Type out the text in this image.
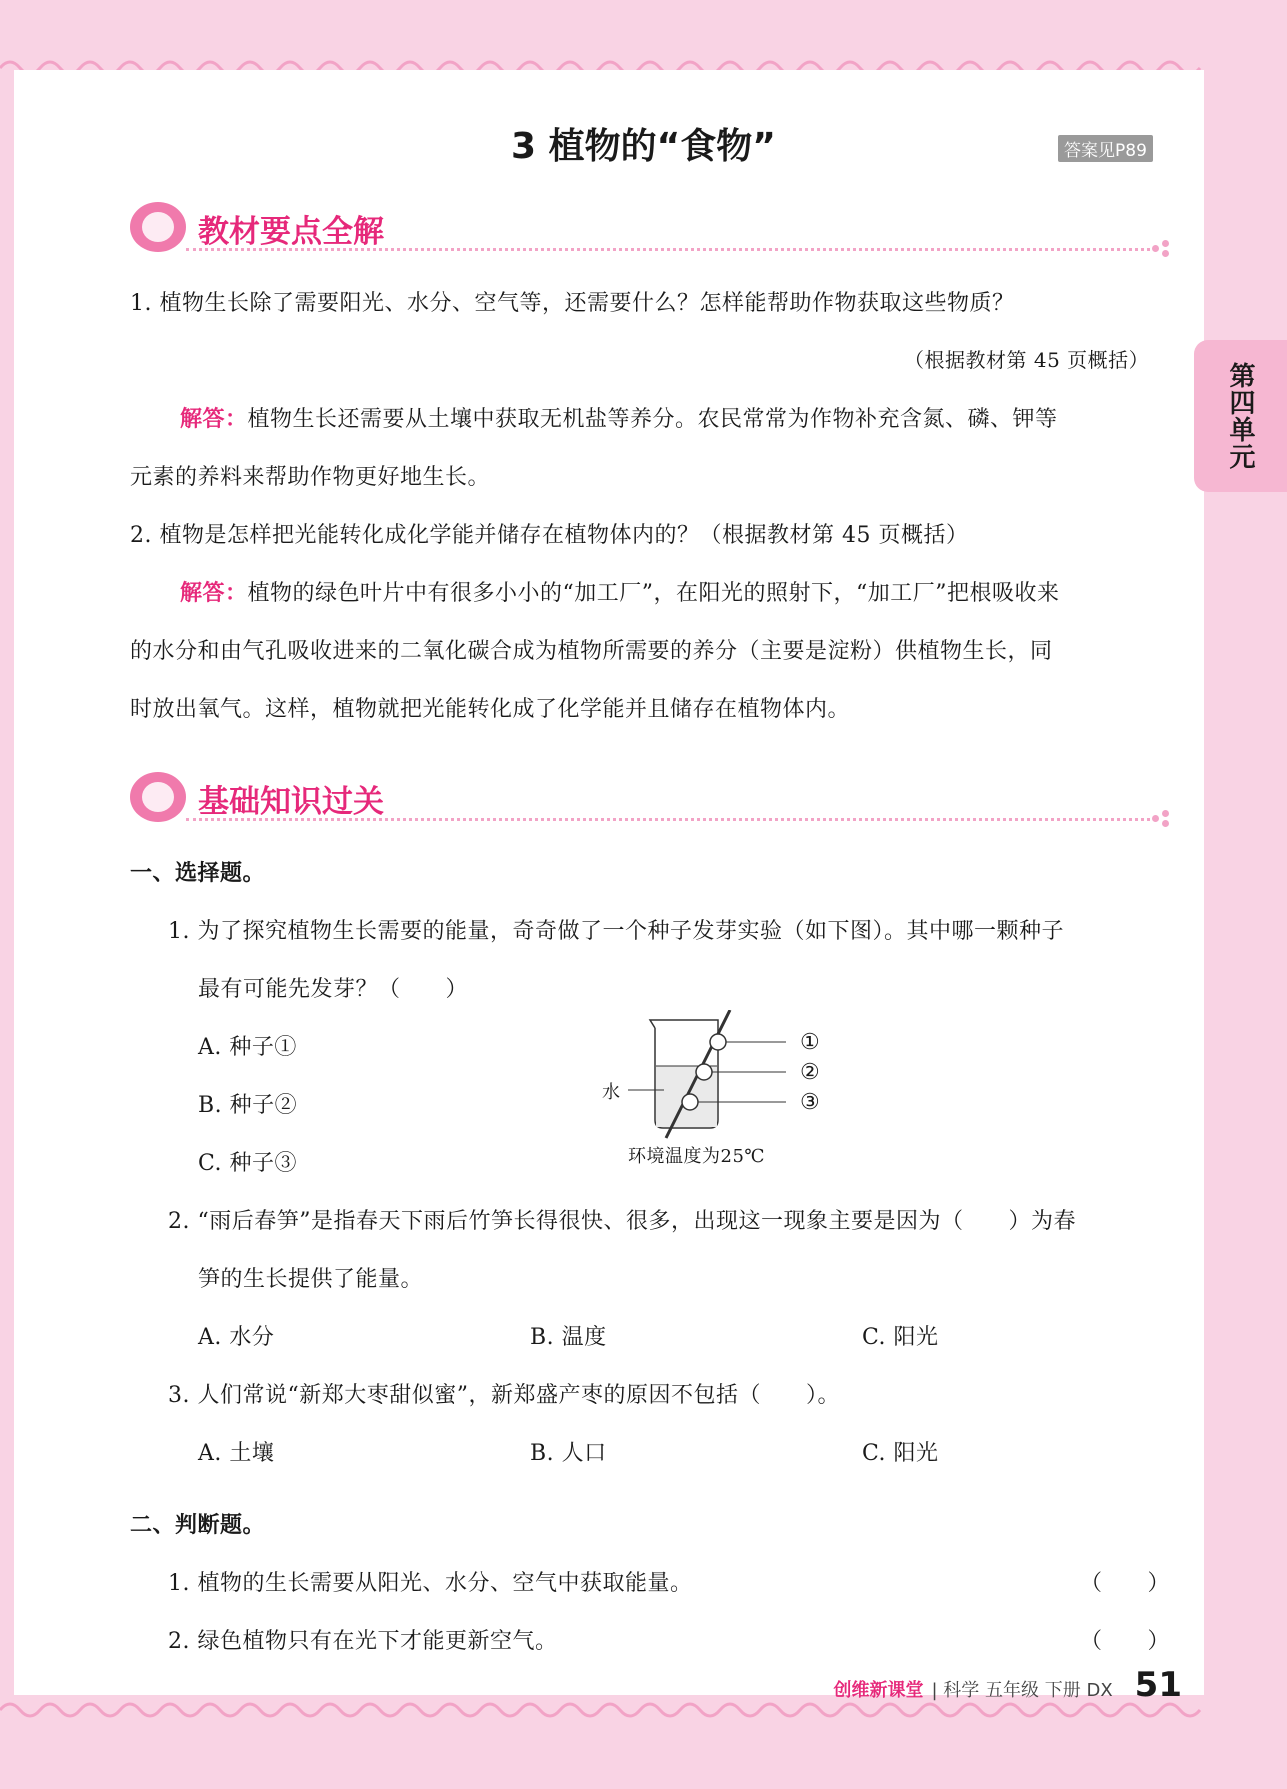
第四单元
3 植物的“食物”	答案见P89
教材要点全解
1. 植物生长除了需要阳光、水分、空气等，还需要什么？怎样能帮助作物获取这些物质？
（根据教材第 45 页概括）
解答：植物生长还需要从土壤中获取无机盐等养分。农民常常为作物补充含氮、磷、钾等
元素的养料来帮助作物更好地生长。
2. 植物是怎样把光能转化成化学能并储存在植物体内的？（根据教材第 45 页概括）
解答：植物的绿色叶片中有很多小小的“加工厂”，在阳光的照射下，“加工厂”把根吸收来
的水分和由气孔吸收进来的二氧化碳合成为植物所需要的养分（主要是淀粉）供植物生长，同
时放出氧气。这样，植物就把光能转化成了化学能并且储存在植物体内。
基础知识过关
一、选择题。
1. 为了探究植物生长需要的能量，奇奇做了一个种子发芽实验（如下图）。其中哪一颗种子
最有可能先发芽？（　　）
A. 种子①
B. 种子②
C. 种子③
①
②
③
水
环境温度为25℃
2. “雨后春笋”是指春天下雨后竹笋长得很快、很多，出现这一现象主要是因为（　　）为春
笋的生长提供了能量。
A. 水分	B. 温度	C. 阳光
3. 人们常说“新郑大枣甜似蜜”，新郑盛产枣的原因不包括（　　）。
A. 土壤	B. 人口	C. 阳光
二、判断题。
1. 植物的生长需要从阳光、水分、空气中获取能量。	（　　）
2. 绿色植物只有在光下才能更新空气。	（　　）
创维新课堂 | 科学 五年级 下册 DX 51
